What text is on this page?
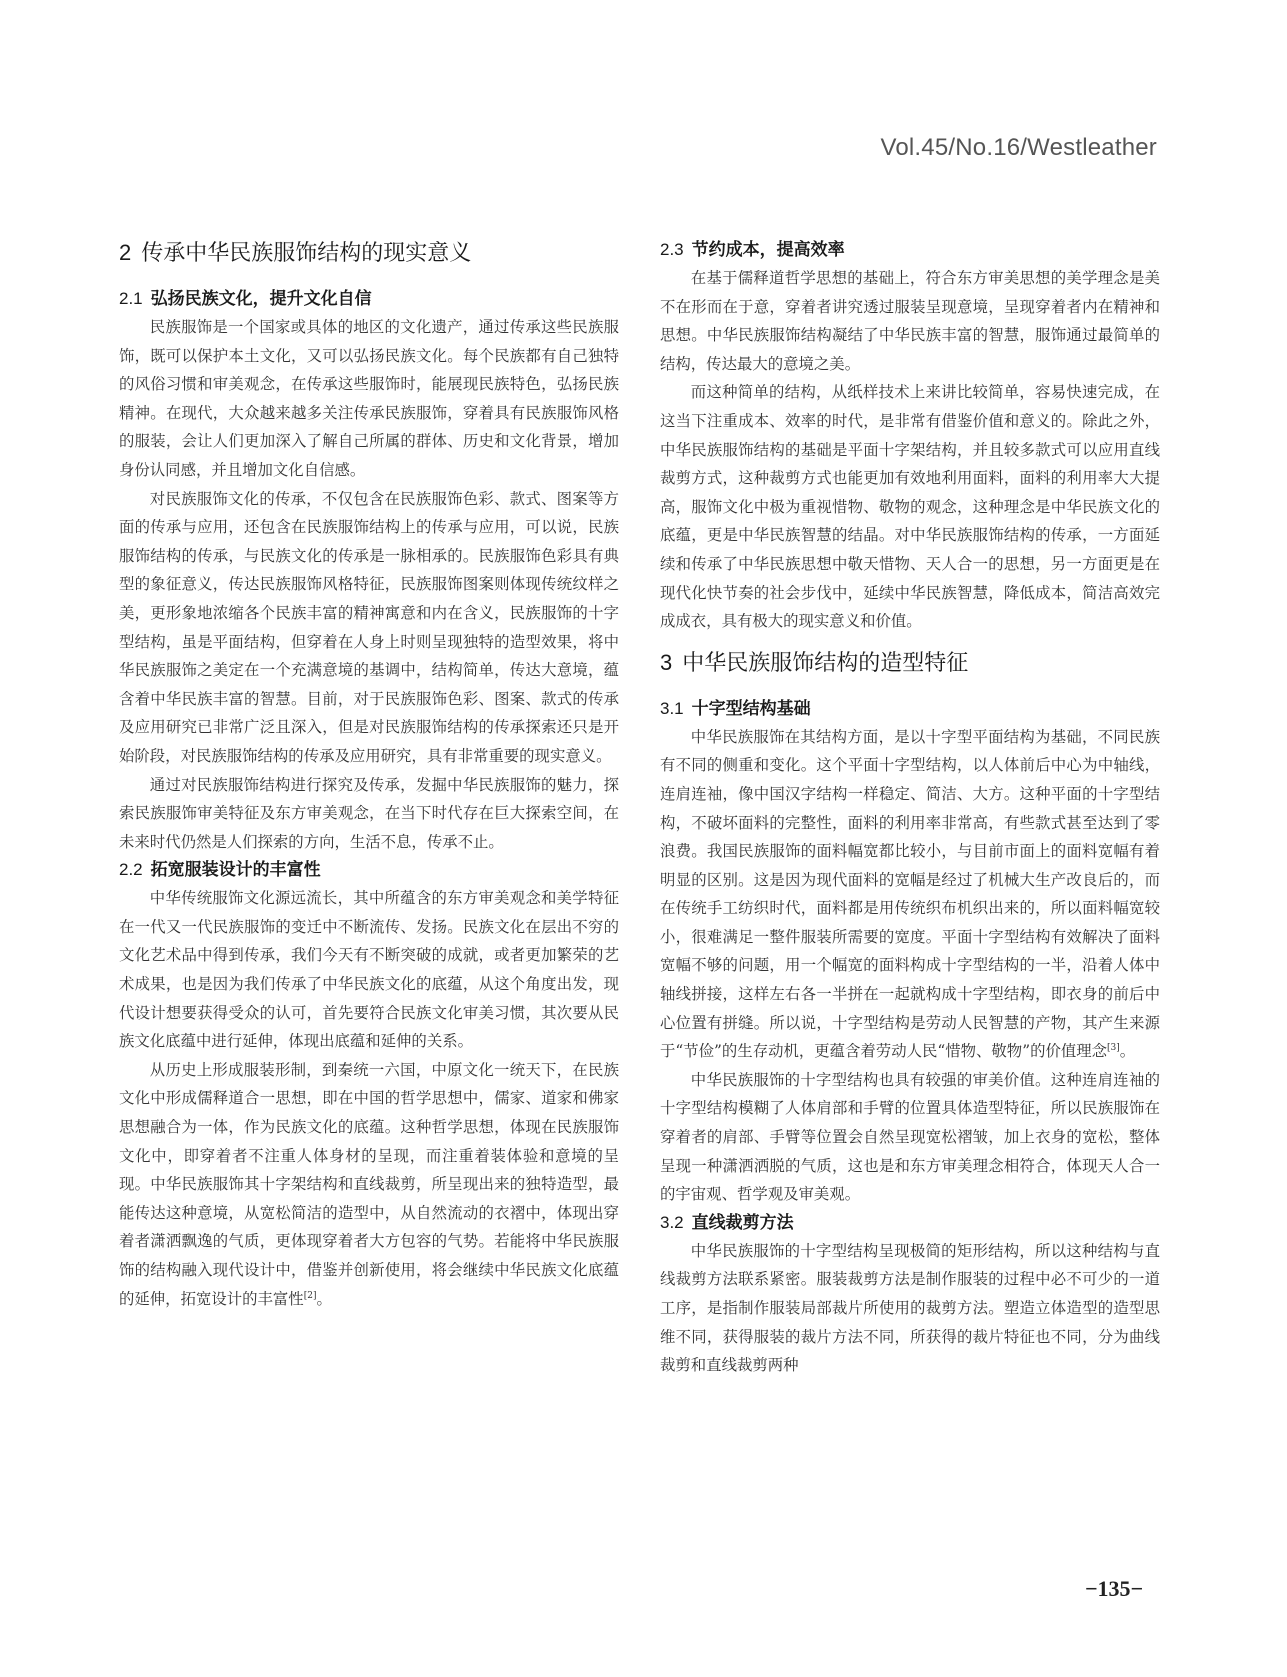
Vol.45/No.16/Westleather
2 传承中华民族服饰结构的现实意义
2.1 弘扬民族文化，提升文化自信

民族服饰是一个国家或具体的地区的文化遗产，通过传承这些民族服饰，既可以保护本土文化，又可以弘扬民族文化。每个民族都有自己独特的风俗习惯和审美观念，在传承这些服饰时，能展现民族特色，弘扬民族精神。在现代，大众越来越多关注传承民族服饰，穿着具有民族服饰风格的服装，会让人们更加深入了解自己所属的群体、历史和文化背景，增加身份认同感，并且增加文化自信感。

对民族服饰文化的传承，不仅包含在民族服饰色彩、款式、图案等方面的传承与应用，还包含在民族服饰结构上的传承与应用，可以说，民族服饰结构的传承，与民族文化的传承是一脉相承的。民族服饰色彩具有典型的象征意义，传达民族服饰风格特征，民族服饰图案则体现传统纹样之美，更形象地浓缩各个民族丰富的精神寓意和内在含义，民族服饰的十字型结构，虽是平面结构，但穿着在人身上时则呈现独特的造型效果，将中华民族服饰之美定在一个充满意境的基调中，结构简单，传达大意境，蕴含着中华民族丰富的智慧。目前，对于民族服饰色彩、图案、款式的传承及应用研究已非常广泛且深入，但是对民族服饰结构的传承探索还只是开始阶段，对民族服饰结构的传承及应用研究，具有非常重要的现实意义。

通过对民族服饰结构进行探究及传承，发掘中华民族服饰的魅力，探索民族服饰审美特征及东方审美观念，在当下时代存在巨大探索空间，在未来时代仍然是人们探索的方向，生活不息，传承不止。

2.2 拓宽服装设计的丰富性

中华传统服饰文化源远流长，其中所蕴含的东方审美观念和美学特征在一代又一代民族服饰的变迁中不断流传、发扬。民族文化在层出不穷的文化艺术品中得到传承，我们今天有不断突破的成就，或者更加繁荣的艺术成果，也是因为我们传承了中华民族文化的底蕴，从这个角度出发，现代设计想要获得受众的认可，首先要符合民族文化审美习惯，其次要从民族文化底蕴中进行延伸，体现出底蕴和延伸的关系。

从历史上形成服装形制，到秦统一六国，中原文化一统天下，在民族文化中形成儒释道合一思想，即在中国的哲学思想中，儒家、道家和佛家思想融合为一体，作为民族文化的底蕴。这种哲学思想，体现在民族服饰文化中，即穿着者不注重人体身材的呈现，而注重着装体验和意境的呈现。中华民族服饰其十字架结构和直线裁剪，所呈现出来的独特造型，最能传达这种意境，从宽松简洁的造型中，从自然流动的衣褶中，体现出穿着者潇洒飘逸的气质，更体现穿着者大方包容的气势。若能将中华民族服饰的结构融入现代设计中，借鉴并创新使用，将会继续中华民族文化底蕴的延伸，拓宽设计的丰富性[2]。

2.3 节约成本，提高效率

在基于儒释道哲学思想的基础上，符合东方审美思想的美学理念是美不在形而在于意，穿着者讲究透过服装呈现意境，呈现穿着者内在精神和思想。中华民族服饰结构凝结了中华民族丰富的智慧，服饰通过最简单的结构，传达最大的意境之美。

而这种简单的结构，从纸样技术上来讲比较简单，容易快速完成，在这当下注重成本、效率的时代，是非常有借鉴价值和意义的。除此之外，中华民族服饰结构的基础是平面十字架结构，并且较多款式可以应用直线裁剪方式，这种裁剪方式也能更加有效地利用面料，面料的利用率大大提高，服饰文化中极为重视惜物、敬物的观念，这种理念是中华民族文化的底蕴，更是中华民族智慧的结晶。对中华民族服饰结构的传承，一方面延续和传承了中华民族思想中敬天惜物、天人合一的思想，另一方面更是在现代化快节奏的社会步伐中，延续中华民族智慧，降低成本，简洁高效完成成衣，具有极大的现实意义和价值。

3 中华民族服饰结构的造型特征
3.1 十字型结构基础

中华民族服饰在其结构方面，是以十字型平面结构为基础，不同民族有不同的侧重和变化。这个平面十字型结构，以人体前后中心为中轴线，连肩连袖，像中国汉字结构一样稳定、简洁、大方。这种平面的十字型结构，不破坏面料的完整性，面料的利用率非常高，有些款式甚至达到了零浪费。我国民族服饰的面料幅宽都比较小，与目前市面上的面料宽幅有着明显的区别。这是因为现代面料的宽幅是经过了机械大生产改良后的，而在传统手工纺织时代，面料都是用传统织布机织出来的，所以面料幅宽较小，很难满足一整件服装所需要的宽度。平面十字型结构有效解决了面料宽幅不够的问题，用一个幅宽的面料构成十字型结构的一半，沿着人体中轴线拼接，这样左右各一半拼在一起就构成十字型结构，即衣身的前后中心位置有拼缝。所以说，十字型结构是劳动人民智慧的产物，其产生来源于“节俭”的生存动机，更蕴含着劳动人民“惜物、敬物”的价值理念[3]。

中华民族服饰的十字型结构也具有较强的审美价值。这种连肩连袖的十字型结构模糊了人体肩部和手臂的位置具体造型特征，所以民族服饰在穿着者的肩部、手臂等位置会自然呈现宽松褶皱，加上衣身的宽松，整体呈现一种潇洒洒脱的气质，这也是和东方审美理念相符合，体现天人合一的宇宙观、哲学观及审美观。

3.2 直线裁剪方法

中华民族服饰的十字型结构呈现极简的矩形结构，所以这种结构与直线裁剪方法联系紧密。服装裁剪方法是制作服装的过程中必不可少的一道工序，是指制作服装局部裁片所使用的裁剪方法。塑造立体造型的造型思维不同，获得服装的裁片方法不同，所获得的裁片特征也不同，分为曲线裁剪和直线裁剪两种

−135−
